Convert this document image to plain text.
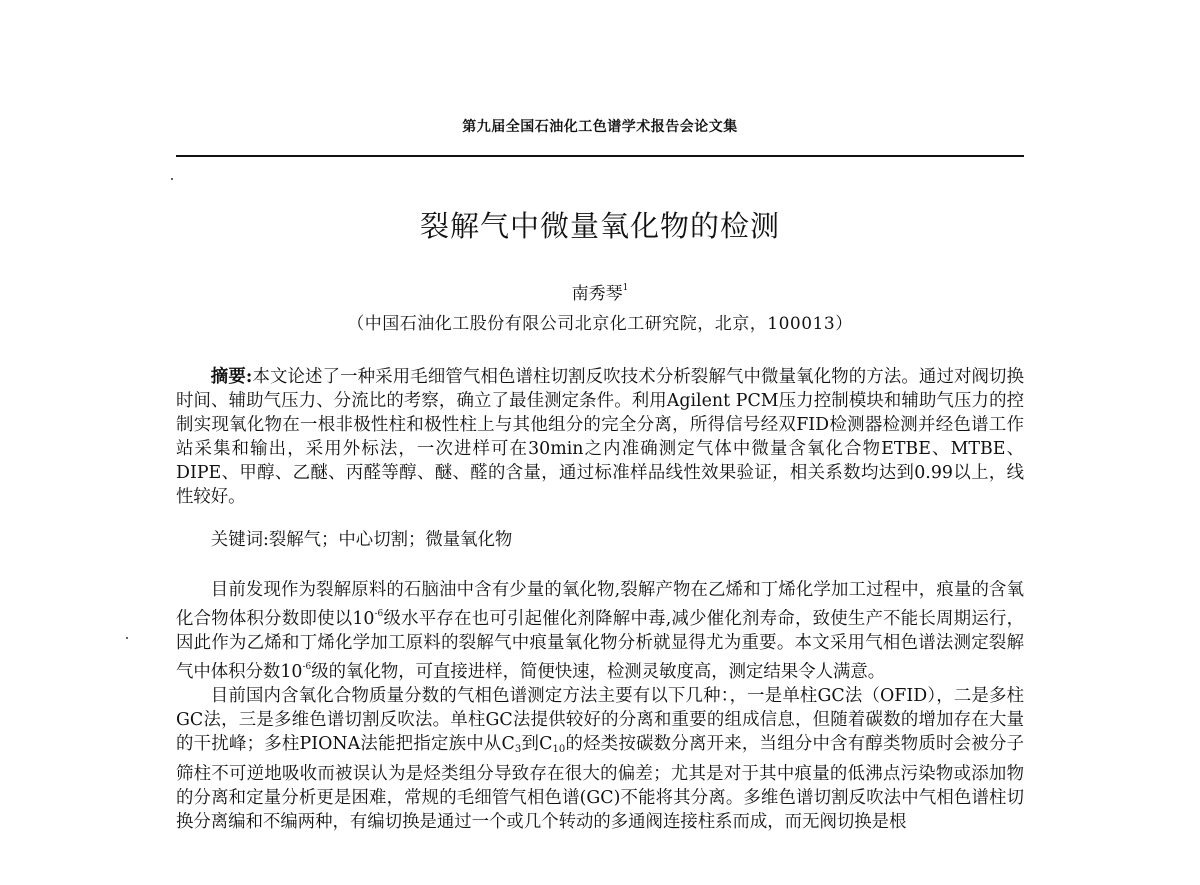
第九届全国石油化工色谱学术报告会论文集
裂解气中微量氧化物的检测
南秀琴$^1$
（中国石油化工股份有限公司北京化工研究院，北京，100013）

摘要:本文论述了一种采用毛细管气相色谱柱切割反吹技术分析裂解气中微量氧化物的方法。通过对阀切换时间、辅助气压力、分流比的考察，确立了最佳测定条件。利用Agilent PCM压力控制模块和辅助气压力的控制实现氧化物在一根非极性柱和极性柱上与其他组分的完全分离，所得信号经双FID检测器检测并经色谱工作站采集和输出，采用外标法，一次进样可在30min之内准确测定气体中微量含氧化合物ETBE、MTBE、DIPE、甲醇、乙醚、丙醛等醇、醚、醛的含量，通过标准样品线性效果验证，相关系数均达到0.99以上，线性较好。

关键词:裂解气；中心切割；微量氧化物

目前发现作为裂解原料的石脑油中含有少量的氧化物,裂解产物在乙烯和丁烯化学加工过程中，痕量的含氧化合物体积分数即使以$10^{-6}$级水平存在也可引起催化剂降解中毒,减少催化剂寿命，致使生产不能长周期运行，因此作为乙烯和丁烯化学加工原料的裂解气中痕量氧化物分析就显得尤为重要。本文采用气相色谱法测定裂解气中体积分数$10^{-6}$级的氧化物，可直接进样，简便快速，检测灵敏度高，测定结果令人满意。

目前国内含氧化合物质量分数的气相色谱测定方法主要有以下几种：，一是单柱GC法（OFID），二是多柱GC法，三是多维色谱切割反吹法。单柱GC法提供较好的分离和重要的组成信息，但随着碳数的增加存在大量的干扰峰；多柱PIONA法能把指定族中从C3到C10的烃类按碳数分离开来，当组分中含有醇类物质时会被分子筛柱不可逆地吸收而被误认为是烃类组分导致存在很大的偏差；尤其是对于其中痕量的低沸点污染物或添加物的分离和定量分析更是困难，常规的毛细管气相色谱(GC)不能将其分离。多维色谱切割反吹法中气相色谱柱切换分离编和不编两种，有编切换是通过一个或几个转动的多通阀连接柱系而成，而无阀切换是根
